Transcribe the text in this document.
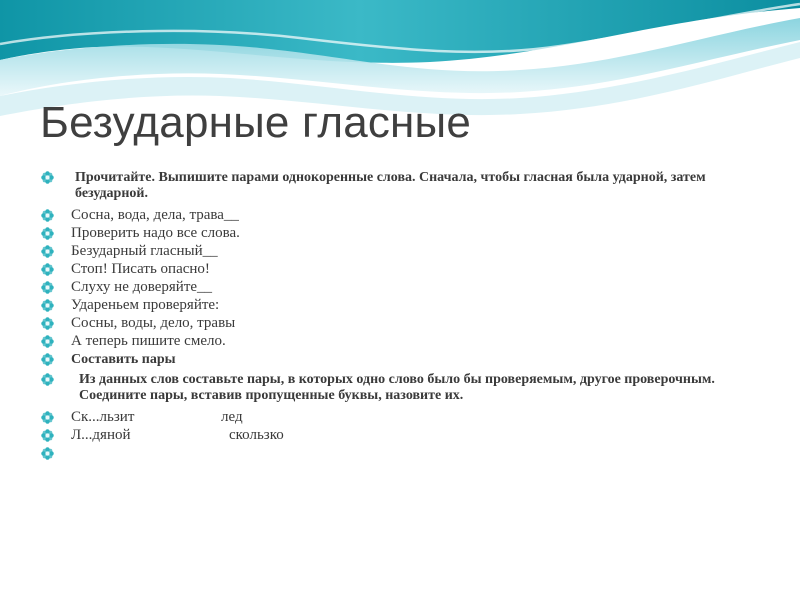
Безударные гласные
Прочитайте. Выпишите парами однокоренные слова. Сначала, чтобы гласная была ударной, затем безударной.
Сосна, вода, дела, трава__
Проверить надо все слова.
Безударный гласный__
Стоп! Писать опасно!
Слуху не доверяйте__
Удареньем проверяйте:
Сосны, воды, дело, травы
А теперь пишите смело.
Составить пары
Из данных слов составьте пары, в которых одно слово было бы проверяемым, другое проверочным. Соедините пары, вставив пропущенные буквы, назовите их.
Ск...льзит	лед
Л...дяной	скользко
